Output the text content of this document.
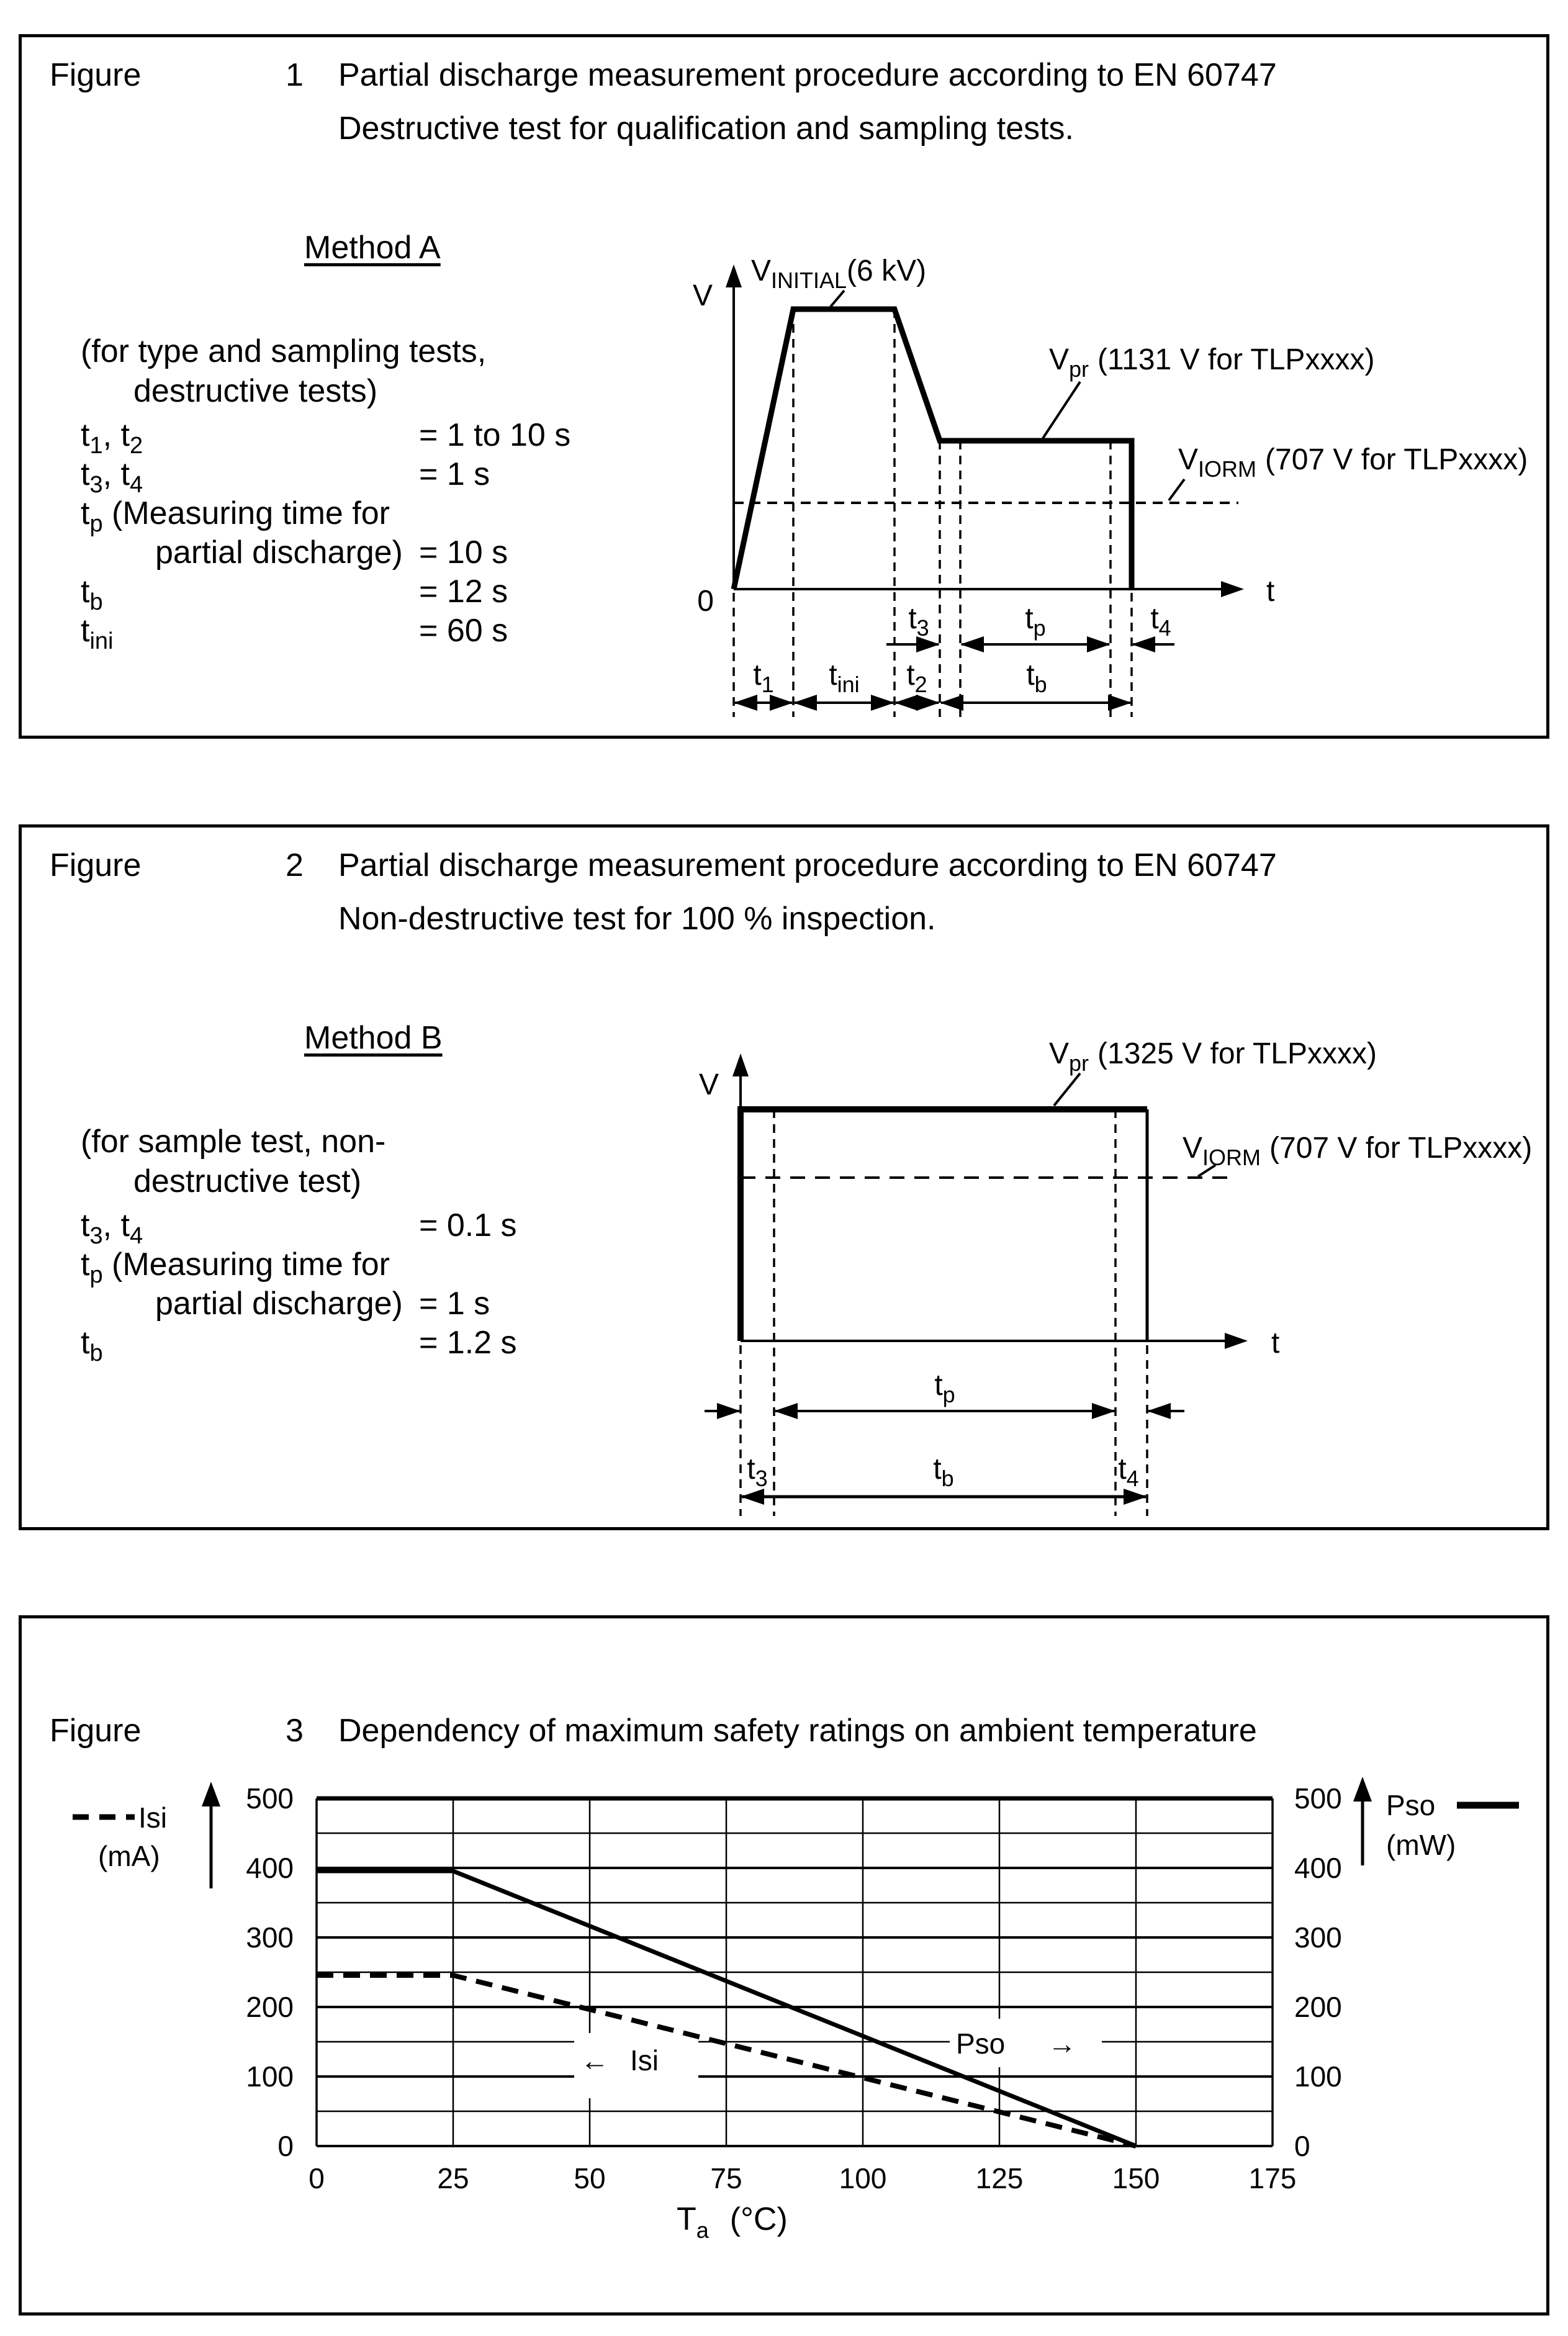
Figure	1 Partial discharge measurement procedure according to EN 60747
Destructive test for qualification and sampling tests.
Method A
(for type and sampling tests,
destructive tests)
$t_1$, $t_2$	= 1 to 10 s
$t_3$, $t_4$	= 1 s
$t_p$ (Measuring time for
partial discharge) = 10 s
$t_b$	= 12 s
$t_{ini}$	= 60 s
V
0	t
VINITIAL(6 kV)
Vpr (1131 V for TLPxxxx)
VIORM (707 V for TLPxxxx)
t3	tp	t4
t1 tini t2	tb
Figure	2 Partial discharge measurement procedure according to EN 60747
Non-destructive test for 100 % inspection.
Method B
(for sample test, non-
destructive test)
$t_3$, $t_4$	= 0.1 s
$t_p$ (Measuring time for
partial discharge) = 1 s
$t_b$	= 1.2 s
V
t
Vpr (1325 V for TLPxxxx)
VIORM (707 V for TLPxxxx)
tp
t3	tb	t4
Figure	3 Dependency of maximum safety ratings on ambient temperature
0	0
100	100
200	200
300	300
400	400
500	500
0	25	50	75	100	125	150	175
← Isi
Pso →
Isi
(mA)
Pso
(mW)
Ta (°C)
